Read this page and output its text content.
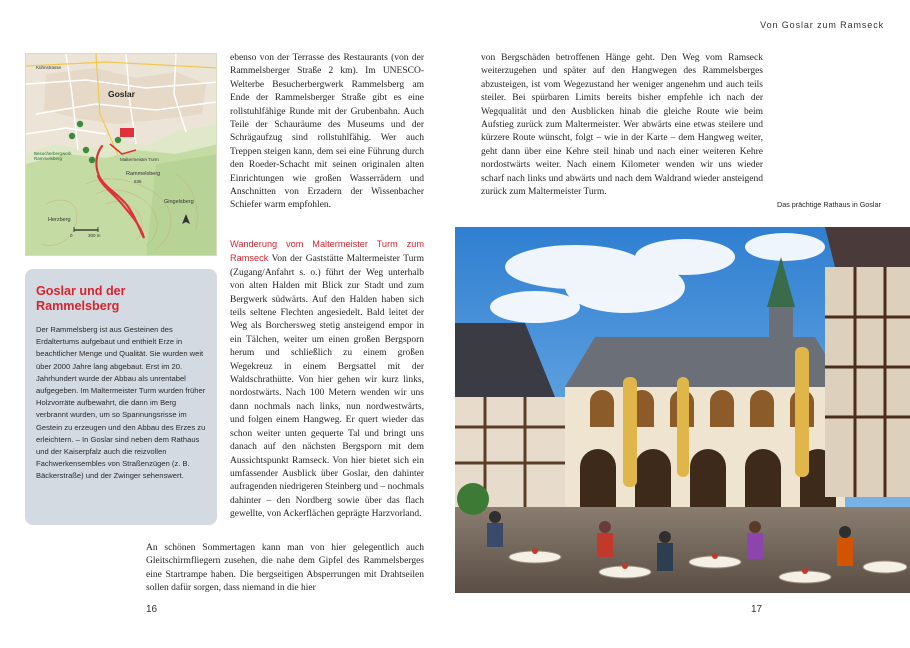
Kühnstrasse
Goslar
Maltermeister Turm
Besucherbergwerk Rammelsberg
Rammelsberg
635
Gingelsberg
Herzberg
0	300 m
Goslar und der Rammelsberg
Der Rammelsberg ist aus Gesteinen des Erdaltertums aufgebaut und enthielt Erze in beachtlicher Menge und Qualität. Sie wurden weit über 2000 Jahre lang abgebaut. Erst im 20. Jahrhundert wurde der Abbau als unrentabel aufgegeben. Im Maltermeister Turm wurden früher Holzvorräte aufbewahrt, die dann im Berg verbrannt wurden, um so Spannungsrisse im Gestein zu erzeugen und den Abbau des Erzes zu erleichtern. – In Goslar sind neben dem Rathaus und der Kaiserpfalz auch die reizvollen Fachwerkensembles von Straßenzügen (z. B. Bäckerstraße) und der Zwinger sehenswert.
ebenso von der Terrasse des Restaurants (von der Rammelsberger Straße 2 km). Im UNESCO-Welterbe Besucherbergwerk Rammelsberg am Ende der Rammelsberger Straße gibt es eine rollstuhlfähige Runde mit der Grubenbahn. Auch Teile der Schauräume des Museums und der Schrägaufzug sind rollstuhlfähig. Wer auch Treppen steigen kann, dem sei eine Führung durch den Roeder-Schacht mit seinen originalen alten Einrichtungen wie großen Wasserrädern und Anschnitten von Erzadern der Wissenbacher Schiefer warm empfohlen.
Wanderung vom Maltermeister Turm zum Ramseck Von der Gaststätte Maltermeister Turm (Zugang/Anfahrt s. o.) führt der Weg unterhalb von alten Halden mit Blick zur Stadt und zum Bergwerk südwärts. Auf den Halden haben sich teils seltene Flechten angesiedelt. Bald leitet der Weg als Borchersweg stetig ansteigend empor in ein Tälchen, weiter um einen großen Bergsporn herum und schließlich zu einem großen Wegekreuz in einem Bergsattel mit der Waldschrathütte. Von hier gehen wir kurz links, nordostwärts. Nach 100 Metern wenden wir uns dann nochmals nach links, nun nordwestwärts, und folgen einem Hangweg. Er quert wieder das schon weiter unten gequerte Tal und bringt uns danach auf den nächsten Bergsporn mit dem Aussichtspunkt Ramseck. Von hier bietet sich ein umfassender Ausblick über Goslar, den dahinter aufragenden niedrigeren Steinberg und – nochmals dahinter – den Nordberg sowie über das flach gewellte, von Ackerflächen geprägte Harzvorland.
An schönen Sommertagen kann man von hier gelegentlich auch Gleitschirmfliegern zusehen, die nahe dem Gipfel des Rammelsberges eine Startrampe haben. Die bergseitigen Absperrungen mit Drahtseilen sollen dafür sorgen, dass niemand in die hier
16
Von Goslar zum Ramseck
von Bergschäden betroffenen Hänge geht. Den Weg vom Ramseck weiterzugehen und später auf den Hangwegen des Rammelsberges abzusteigen, ist vom Wegezustand her weniger angenehm und auch teils steiler. Bei spürbaren Limits bereits bisher empfehle ich nach der Wegqualität und den Ausblicken hinab die gleiche Route wie beim Aufstieg zurück zum Maltermeister. Wer abwärts eine etwas steilere und kürzere Route wünscht, folgt – wie in der Karte – dem Hangweg weiter, geht dann über eine Kehre steil hinab und nach einer weiteren Kehre nordostwärts weiter. Nach einem Kilometer wenden wir uns wieder scharf nach links und abwärts und nach dem Waldrand wieder ansteigend zurück zum Maltermeister Turm.
Das prächtige Rathaus in Goslar
17
